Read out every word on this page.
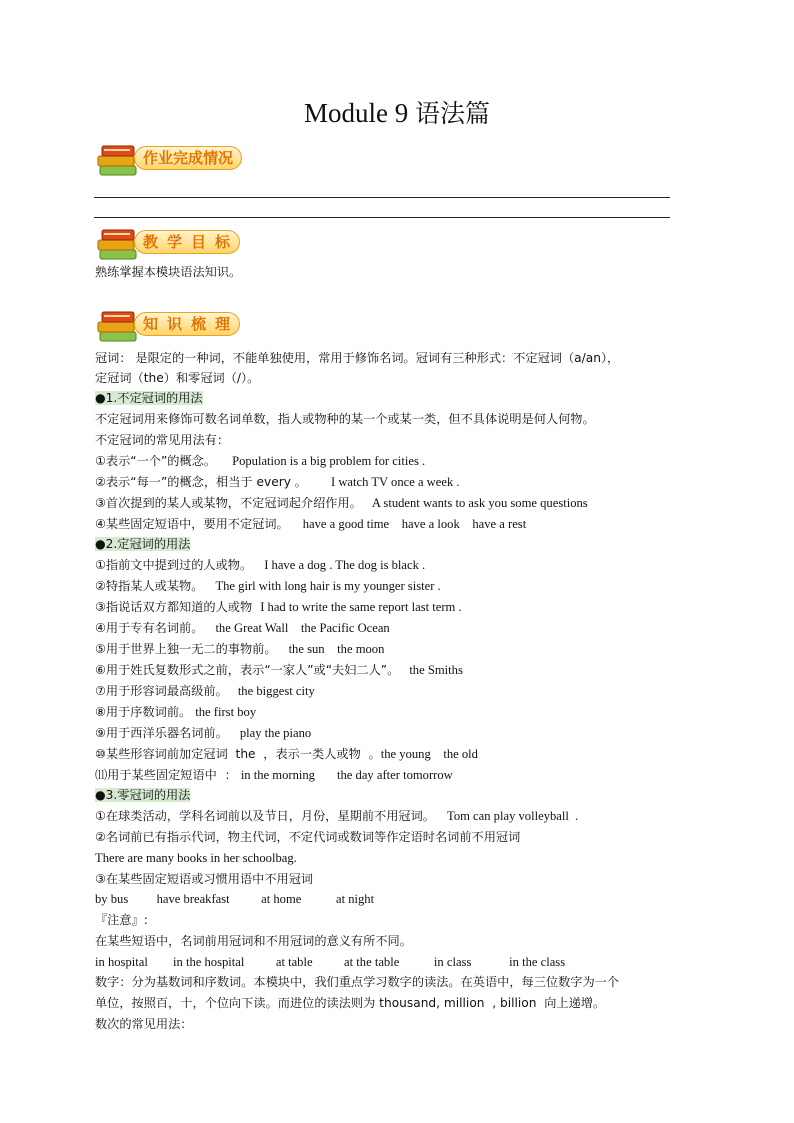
Module 9 语法篇
作业完成情况
教学目标
熟练掌握本模块语法知识。
知识梳理
冠词： 是限定的一种词，不能单独使用，常用于修饰名词。冠词有三种形式：不定冠词（a/an），
定冠词（the）和零冠词（/）。
●1.不定冠词的用法
不定冠词用来修饰可数名词单数，指人或物种的某一个或某一类，但不具体说明是何人何物。
不定冠词的常见用法有：
①表示“一个”的概念。 Population is a big problem for cities .
②表示“每一”的概念，相当于 every 。 I watch TV once a week .
③首次提到的某人或某物，不定冠词起介绍作用。 A student wants to ask you some questions
④某些固定短语中，要用不定冠词。 have a good time    have a look    have a rest
●2.定冠词的用法
①指前文中提到过的人或物。 I have a dog . The dog is black .
②特指某人或某物。 The girl with long hair is my younger sister .
③指说话双方都知道的人或物 I had to write the same report last term .
④用于专有名词前。 the Great Wall    the Pacific Ocean
⑤用于世界上独一无二的事物前。 the sun    the moon
⑥用于姓氏复数形式之前，表示“一家人”或“夫妇二人”。 the Smiths
⑦用于形容词最高级前。 the biggest city
⑧用于序数词前。 the first boy
⑨用于西洋乐器名词前。 play the piano
⑩某些形容词前加定冠词  the  ，表示一类人或物  。the young    the old
⑾用于某些固定短语中  ： in the morning       the day after tomorrow
●3.零冠词的用法
①在球类活动，学科名词前以及节日，月份，星期前不用冠词。 Tom can play volleyball  .
②名词前已有指示代词，物主代词，不定代词或数词等作定语时名词前不用冠词
There are many books in her schoolbag.
③在某些固定短语或习惯用语中不用冠词
by bus         have breakfast          at home           at night
『注意』:
在某些短语中，名词前用冠词和不用冠词的意义有所不同。
in hospital        in the hospital          at table          at the table           in class            in the class
数字：分为基数词和序数词。本模块中，我们重点学习数字的读法。在英语中，每三位数字为一个
单位，按照百，十，个位向下读。而进位的读法则为 thousand, million  , billion  向上递增。
数次的常见用法：
